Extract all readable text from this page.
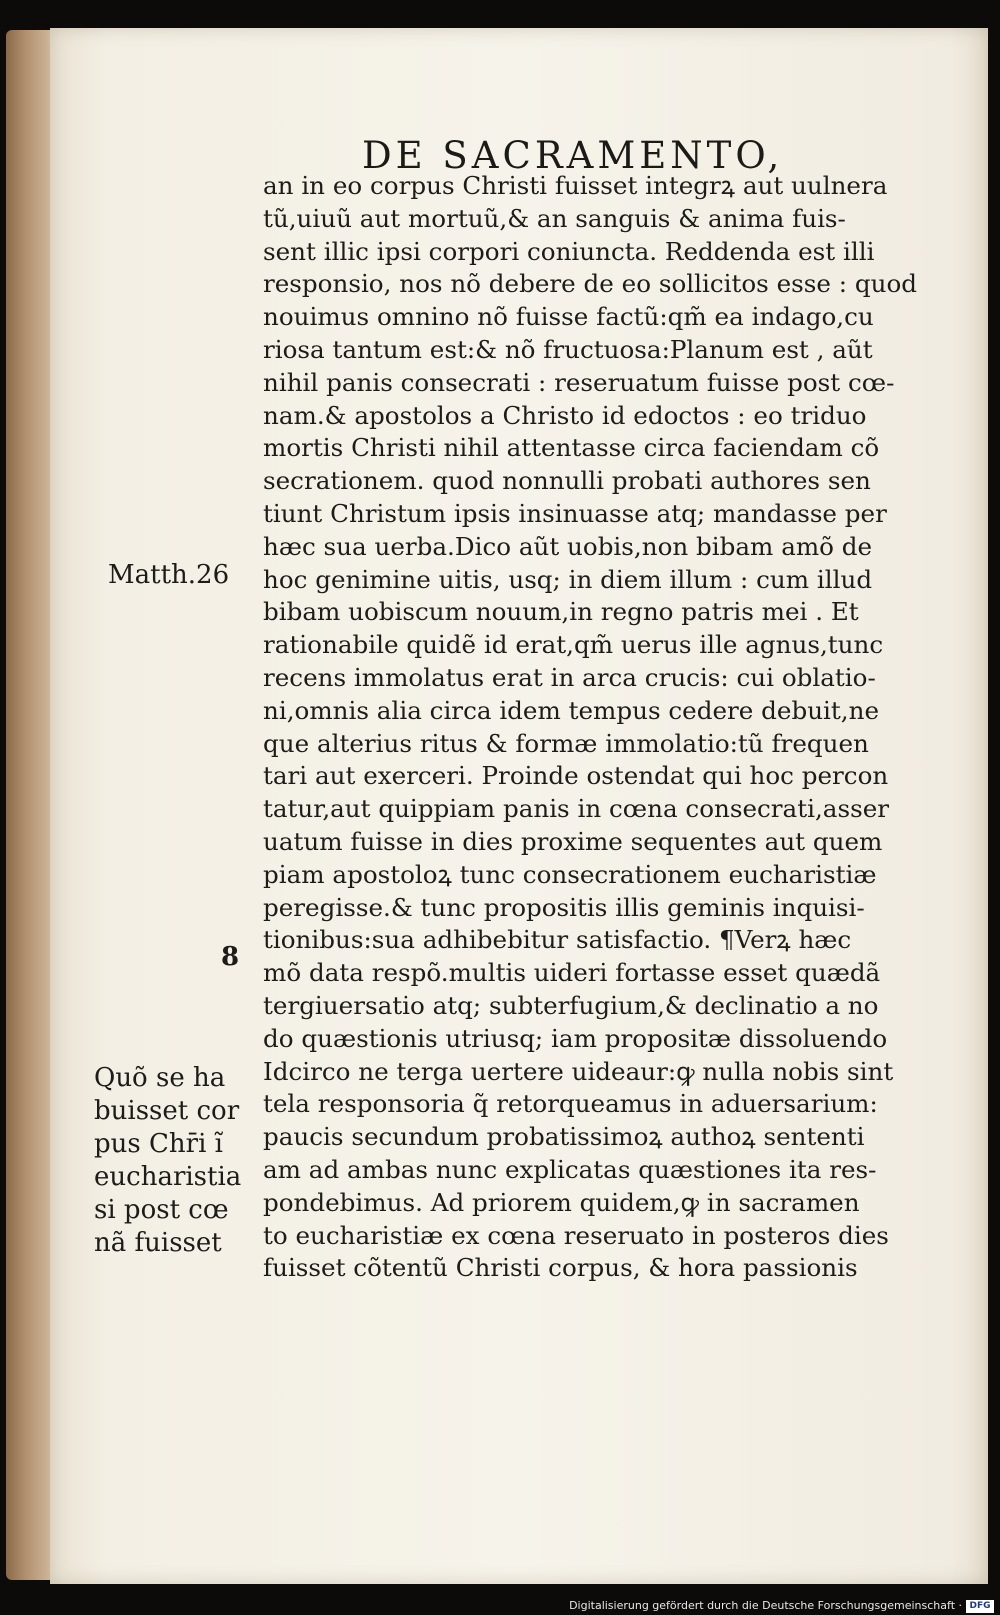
DE SACRAMENTO,
an in eo corpus Christi fuisset integrꝝ aut uulnera
tũ,uiuũ aut mortuũ,& an sanguis & anima fuis-
sent illic ipsi corpori coniuncta. Reddenda est illi
responsio, nos nõ debere de eo sollicitos esse : quod
nouimus omnino nõ fuisse factũ:qm̃ ea indago,cu
riosa tantum est:& nõ fructuosa:Planum est , aũt
nihil panis consecrati : reseruatum fuisse post cœ-
nam.& apostolos a Christo id edoctos : eo triduo
mortis Christi nihil attentasse circa faciendam cõ
secrationem. quod nonnulli probati authores sen
tiunt Christum ipsis insinuasse atq; mandasse per
hæc sua uerba.Dico aũt uobis,non bibam amõ de
hoc genimine uitis, usq; in diem illum : cum illud
bibam uobiscum nouum,in regno patris mei . Et
rationabile quidẽ id erat,qm̃ uerus ille agnus,tunc
recens immolatus erat in arca crucis: cui oblatio-
ni,omnis alia circa idem tempus cedere debuit,ne
que alterius ritus & formæ immolatio:tũ frequen
tari aut exerceri. Proinde ostendat qui hoc percon
tatur,aut quippiam panis in cœna consecrati,asser
uatum fuisse in dies proxime sequentes aut quem
piam apostoloꝝ tunc consecrationem eucharistiæ
peregisse.& tunc propositis illis geminis inquisi-
tionibus:sua adhibebitur satisfactio. ¶Verꝝ hæc
mõ data respõ.multis uideri fortasse esset quædã
tergiuersatio atq; subterfugium,& declinatio a no
do quæstionis utriusq; iam propositæ dissoluendo
Idcirco ne terga uertere uideaur:ꝙ nulla nobis sint
tela responsoria q̃ retorqueamus in aduersarium:
paucis secundum probatissimoꝝ authoꝝ sententi
am ad ambas nunc explicatas quæstiones ita res-
pondebimus. Ad priorem quidem,ꝙ in sacramen
to eucharistiæ ex cœna reseruato in posteros dies
fuisset cõtentũ Christi corpus, & hora passionis
Matth.26
8
Quõ se ha
buisset cor
pus Chr̄i ĩ
eucharistia
si post cœ
nã fuisset
Digitalisierung gefördert durch die Deutsche Forschungsgemeinschaft · DFG
